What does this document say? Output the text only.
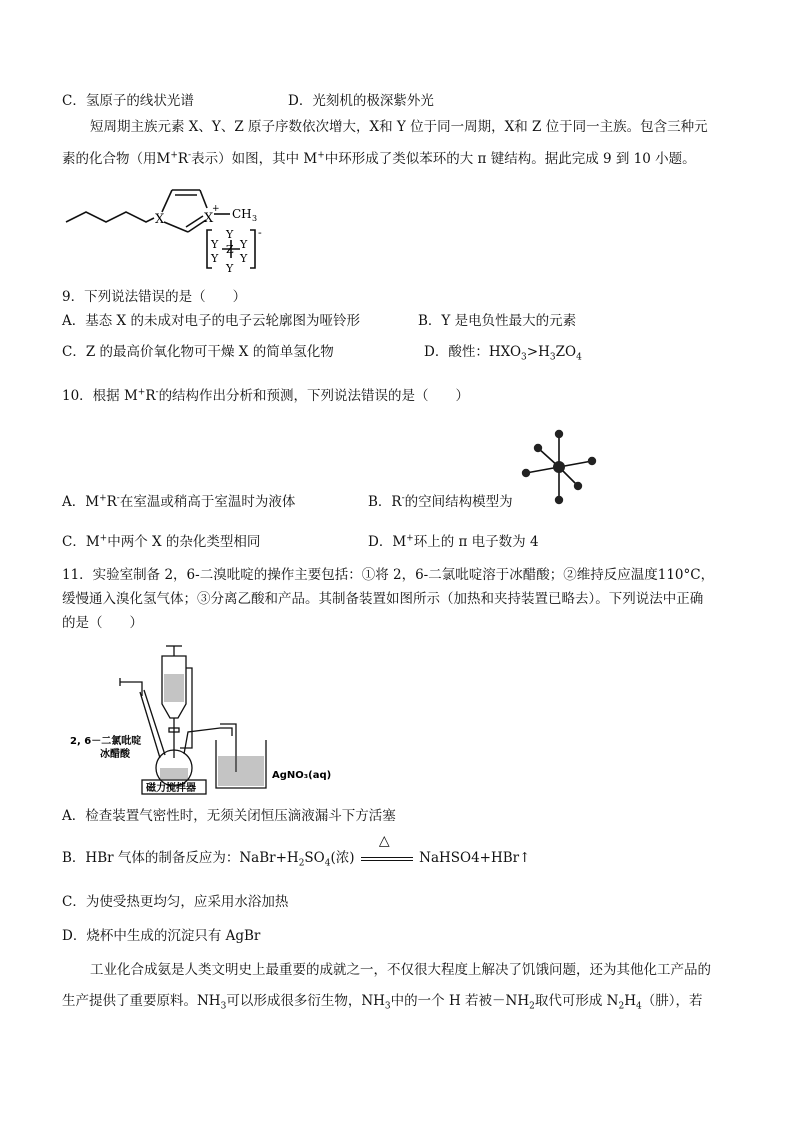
C．氢原子的线状光谱	D．光刻机的极深紫外光
短周期主族元素 X、Y、Z 原子序数依次增大，X和 Y 位于同一周期，X和 Z 位于同一主族。包含三种元
素的化合物（用M+R-表示）如图，其中 M+中环形成了类似苯环的大 π 键结构。据此完成 9 到 10 小题。
X	X
+ CH 3
Y
Y Y
Z
Y Y
Y
-
9．下列说法错误的是（　　）
A．基态 X 的未成对电子的电子云轮廓图为哑铃形	B．Y 是电负性最大的元素
C．Z 的最高价氧化物可干燥 X 的简单氢化物	D．酸性：$HXO_3>H_3ZO_4$
10．根据 M+R-的结构作出分析和预测，下列说法错误的是（　　）
A．M+R-在室温或稍高于室温时为液体	B．R-的空间结构模型为
C．M+中两个 X 的杂化类型相同	D．M+环上的 π 电子数为 4
11．实验室制备 2，6-二溴吡啶的操作主要包括：①将 2，6-二氯吡啶溶于冰醋酸；②维持反应温度110°C，
缓慢通入溴化氢气体；③分离乙酸和产品。其制备装置如图所示（加热和夹持装置已略去）。下列说法中正确
的是（　　）
2, 6－二氯吡啶
冰醋酸
磁力搅拌器
AgNO₃(aq)
A．检查装置气密性时，无须关闭恒压滴液漏斗下方活塞
B．HBr 气体的制备反应为：$NaBr+H_2SO_4$(浓)
△
NaHSO4+HBr↑
C．为使受热更均匀，应采用水浴加热
D．烧杯中生成的沉淀只有 AgBr
工业化合成氨是人类文明史上最重要的成就之一，不仅很大程度上解决了饥饿问题，还为其他化工产品的
生产提供了重要原料。$NH_3$可以形成很多衍生物，$NH_3$中的一个 H 若被$-NH_2$取代可形成 $N_2H_4$（肼），若
